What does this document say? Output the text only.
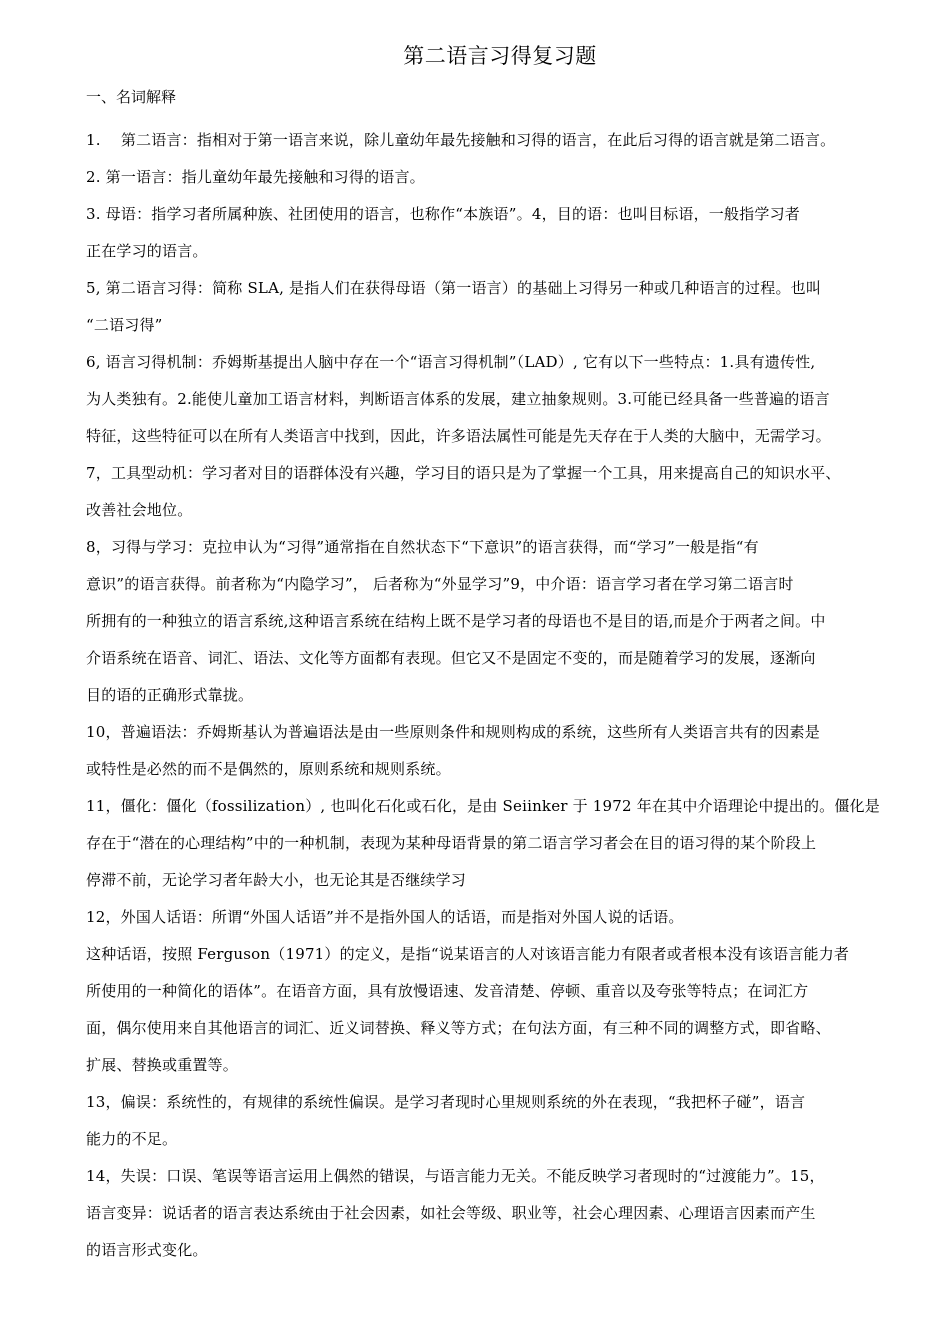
第二语言习得复习题
一、名词解释
1.　 第二语言：指相对于第一语言来说，除儿童幼年最先接触和习得的语言，在此后习得的语言就是第二语言。
2. 第一语言：指儿童幼年最先接触和习得的语言。
3. 母语：指学习者所属种族、社团使用的语言，也称作“本族语”。4，目的语：也叫目标语，一般指学习者
正在学习的语言。
5, 第二语言习得：简称 SLA, 是指人们在获得母语（第一语言）的基础上习得另一种或几种语言的过程。也叫
“二语习得”
6, 语言习得机制：乔姆斯基提出人脑中存在一个“语言习得机制”（LAD）, 它有以下一些特点：1.具有遗传性,
为人类独有。2.能使儿童加工语言材料，判断语言体系的发展，建立抽象规则。3.可能已经具备一些普遍的语言
特征，这些特征可以在所有人类语言中找到，因此，许多语法属性可能是先天存在于人类的大脑中，无需学习。
7，工具型动机：学习者对目的语群体没有兴趣，学习目的语只是为了掌握一个工具，用来提高自己的知识水平、
改善社会地位。
8，习得与学习：克拉申认为“习得”通常指在自然状态下“下意识”的语言获得，而“学习”一般是指“有
意识”的语言获得。前者称为“内隐学习”， 后者称为“外显学习”9，中介语：语言学习者在学习第二语言时
所拥有的一种独立的语言系统,这种语言系统在结构上既不是学习者的母语也不是目的语,而是介于两者之间。中
介语系统在语音、词汇、语法、文化等方面都有表现。但它又不是固定不变的，而是随着学习的发展，逐渐向
目的语的正确形式靠拢。
10，普遍语法：乔姆斯基认为普遍语法是由一些原则条件和规则构成的系统，这些所有人类语言共有的因素是
或特性是必然的而不是偶然的，原则系统和规则系统。
11，僵化：僵化（fossilization）, 也叫化石化或石化，是由 Seiinker 于 1972 年在其中介语理论中提出的。僵化是
存在于“潜在的心理结构”中的一种机制，表现为某种母语背景的第二语言学习者会在目的语习得的某个阶段上
停滞不前，无论学习者年龄大小，也无论其是否继续学习
12，外国人话语：所谓“外国人话语”并不是指外国人的话语，而是指对外国人说的话语。
这种话语，按照 Ferguson（1971）的定义，是指“说某语言的人对该语言能力有限者或者根本没有该语言能力者
所使用的一种简化的语体”。在语音方面，具有放慢语速、发音清楚、停顿、重音以及夸张等特点；在词汇方
面，偶尔使用来自其他语言的词汇、近义词替换、释义等方式；在句法方面，有三种不同的调整方式，即省略、
扩展、替换或重置等。
13，偏误：系统性的，有规律的系统性偏误。是学习者现时心里规则系统的外在表现，“我把杯子碰”，语言
能力的不足。
14，失误：口误、笔误等语言运用上偶然的错误，与语言能力无关。不能反映学习者现时的“过渡能力”。15，
语言变异：说话者的语言表达系统由于社会因素，如社会等级、职业等，社会心理因素、心理语言因素而产生
的语言形式变化。
